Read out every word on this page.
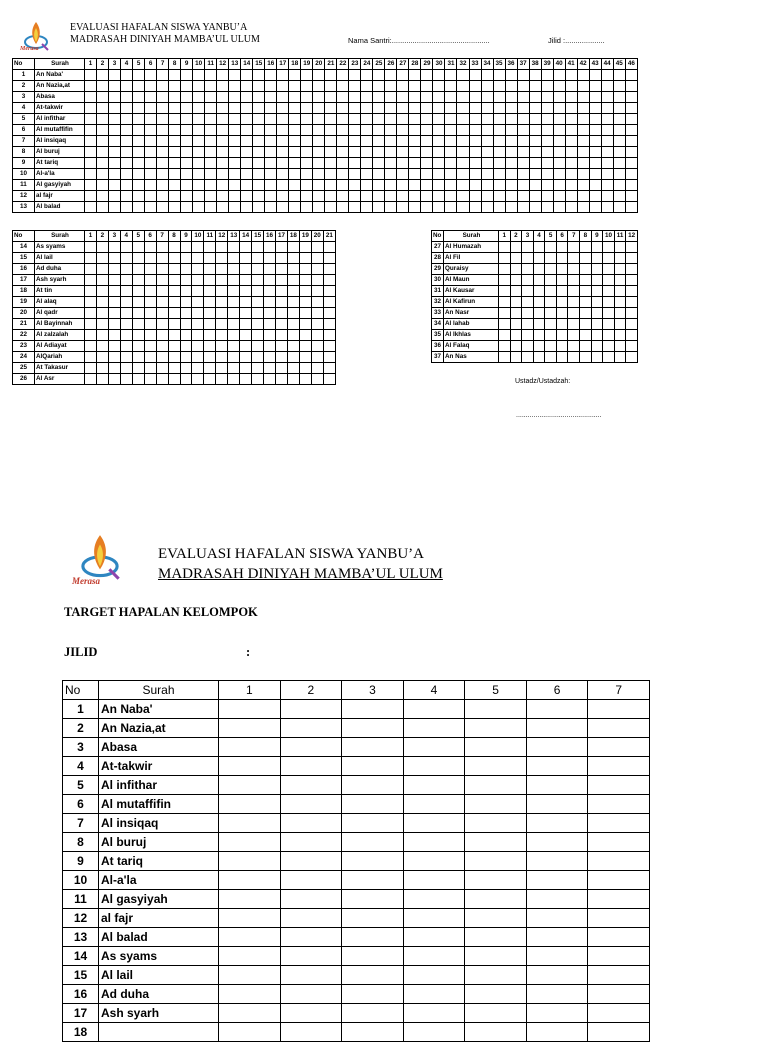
Merasa
EVALUASI HAFALAN SISWA YANBU’A
MADRASAH DINIYAH MAMBA’UL ULUM	Nama Santri:...............................................	Jilid :...................
No	Surah	1	2	3	4	5	6	7	8	9	10	11	12	13	14	15	16	17	18	19	20	21	22	23	24	25	26	27	28	29	30	31	32	33	34	35	36	37	38	39	40	41	42	43	44	45	46
1	An Naba'																																														
2	An Nazia,at																																														
3	Abasa																																														
4	At-takwir																																														
5	Al infithar																																														
6	Al mutaffifin																																														
7	Al insiqaq																																														
8	Al buruj																																														
9	At tariq																																														
10	Al-a'la																																														
11	Al gasyiyah																																														
12	al fajr																																														
13	Al balad																																														
No	Surah	1	2	3	4	5	6	7	8	9	10	11	12	13	14	15	16	17	18	19	20	21
14	As syams																					
15	Al lail																					
16	Ad duha																					
17	Ash syarh																					
18	At tin																					
19	Al alaq																					
20	Al qadr																					
21	Al Bayinnah																					
22	Al zalzalah																					
23	Al Adiayat																					
24	AlQariah																					
25	At Takasur																					
26	Al Asr																					
No	Surah	1	2	3	4	5	6	7	8	9	10	11	12
27	Al Humazah												
28	Al Fil												
29	Quraisy												
30	Al Maun												
31	Al Kausar												
32	Al Kafirun												
33	An Nasr												
34	Al lahab												
35	Al Ikhlas												
36	Al Falaq												
37	An Nas												
Ustadz/Ustadzah:
............................................
Merasa
EVALUASI HAFALAN SISWA YANBU’A
MADRASAH DINIYAH MAMBA’UL ULUM
TARGET HAPALAN KELOMPOK
JILID	:
No	Surah	1	2	3	4	5	6	7
1	An Naba'							
2	An Nazia,at							
3	Abasa							
4	At-takwir							
5	Al infithar							
6	Al mutaffifin							
7	Al insiqaq							
8	Al buruj							
9	At tariq							
10	Al-a'la							
11	Al gasyiyah							
12	al fajr							
13	Al balad							
14	As syams							
15	Al lail							
16	Ad duha							
17	Ash syarh							
18								
